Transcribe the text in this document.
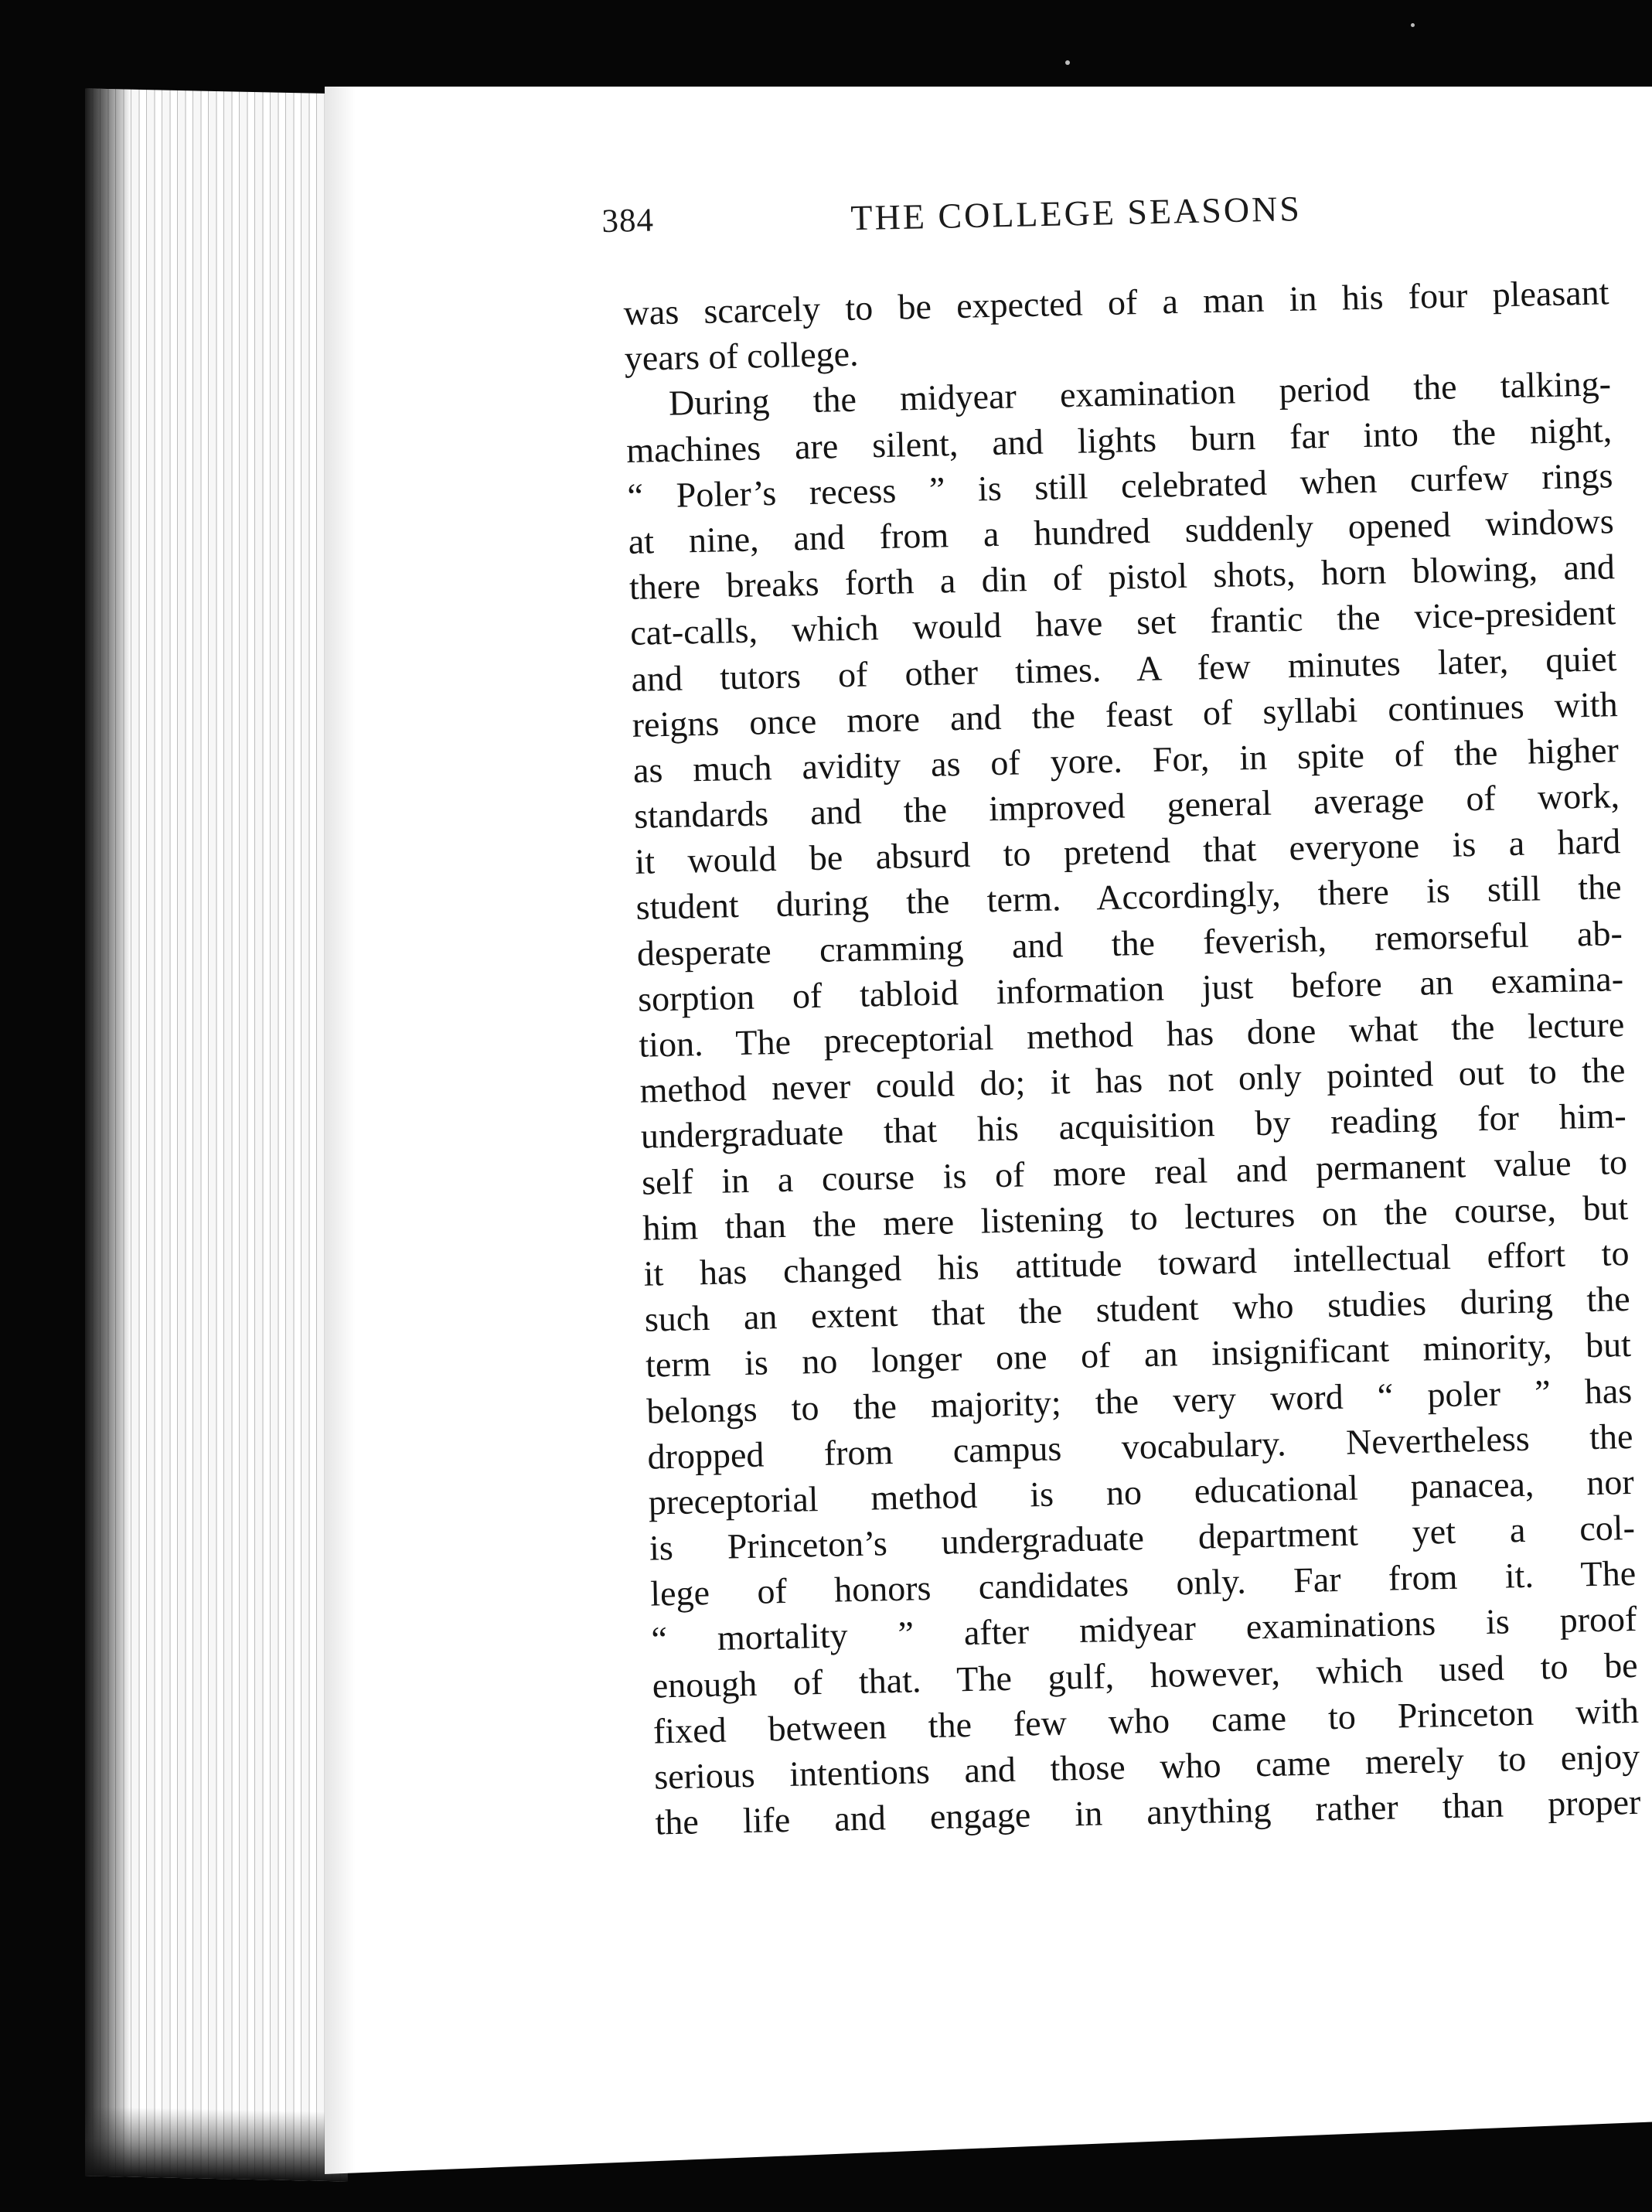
384	THE COLLEGE SEASONS
was scarcely to be expected of a man in his four pleasant
years of college.
During the midyear examination period the talking-
machines are silent, and lights burn far into the night,
“ Poler’s recess ” is still celebrated when curfew rings
at nine, and from a hundred suddenly opened windows
there breaks forth a din of pistol shots, horn blowing, and
cat-calls, which would have set frantic the vice-president
and tutors of other times. A few minutes later, quiet
reigns once more and the feast of syllabi continues with
as much avidity as of yore. For, in spite of the higher
standards and the improved general average of work,
it would be absurd to pretend that everyone is a hard
student during the term. Accordingly, there is still the
desperate cramming and the feverish, remorseful ab-
sorption of tabloid information just before an examina-
tion. The preceptorial method has done what the lecture
method never could do; it has not only pointed out to the
undergraduate that his acquisition by reading for him-
self in a course is of more real and permanent value to
him than the mere listening to lectures on the course, but
it has changed his attitude toward intellectual effort to
such an extent that the student who studies during the
term is no longer one of an insignificant minority, but
belongs to the majority; the very word “ poler ” has
dropped from campus vocabulary. Nevertheless the
preceptorial method is no educational panacea, nor
is Princeton’s undergraduate department yet a col-
lege of honors candidates only. Far from it. The
“ mortality ” after midyear examinations is proof
enough of that. The gulf, however, which used to be
fixed between the few who came to Princeton with
serious intentions and those who came merely to enjoy
the life and engage in anything rather than proper
